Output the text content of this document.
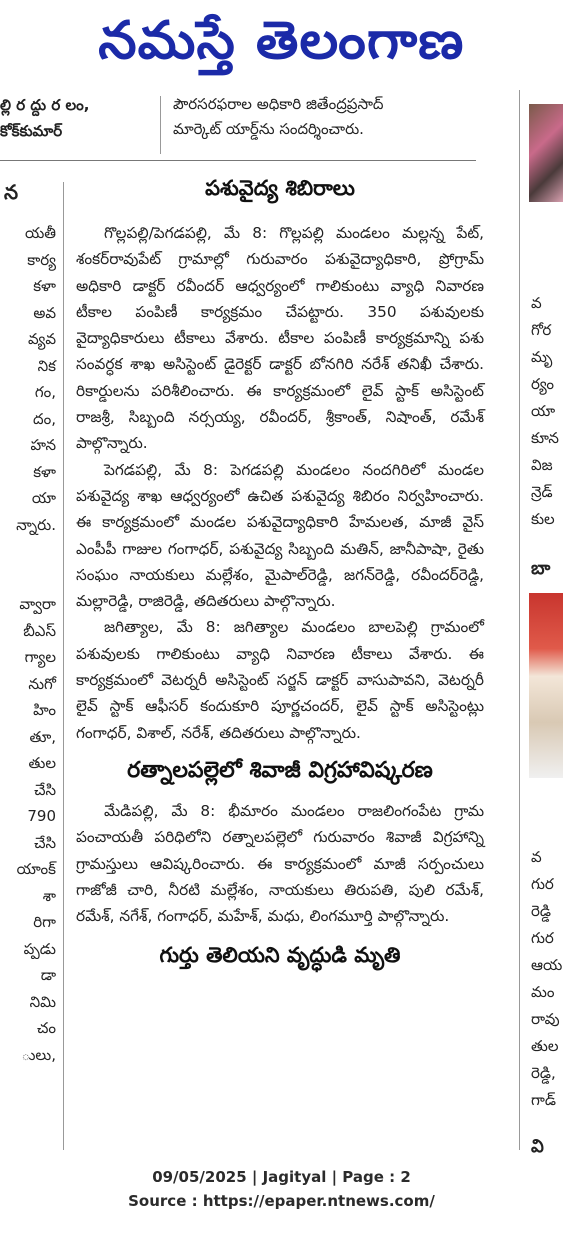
నమస్తే తెలంగాణ
ల్లి ర ద్దు ర లం,
కోక్‌కుమార్
పౌరసరఫరాల అధికారి జితేంద్రప్రసాద్
మార్కెట్ యార్డ్‌ను సందర్శించారు.
న
యతీ
కార్య
కళా
అవ
వ్యవ
నిక
గం,
దం,
హన
కళా
యా
న్నారు.

వ్వారా
బీఎస్
గ్యాల
నుగో
హిం
తూ,
తుల
చేసి
790
చేసి
యాంక్
శా
రిగా
ప్పడు
డా
నిమి
చం
ులు,
పశువైద్య శిబిరాలు

గొల్లపల్లి/పెగడపల్లి, మే 8: గొల్లపల్లి మండలం మల్లన్న పేట్, శంకర్‌రావుపేట్ గ్రామాల్లో గురువారం పశువైద్యాధికారి, ప్రోగ్రామ్ అధికారి డాక్టర్ రవీందర్ ఆధ్వర్యంలో గాలికుంటు వ్యాధి నివారణ టీకాల పంపిణీ కార్యక్రమం చేపట్టారు. 350 పశువులకు వైద్యాధికారులు టీకాలు వేశారు. టీకాల పంపిణీ కార్యక్రమాన్ని పశు సంవర్ధక శాఖ అసిస్టెంట్ డైరెక్టర్ డాక్టర్ బోనగిరి నరేశ్ తనిఖీ చేశారు. రికార్డులను పరిశీలించారు. ఈ కార్యక్రమంలో లైవ్ స్టాక్ అసిస్టెంట్ రాజశ్రీ, సిబ్బంది నర్సయ్య, రవీందర్, శ్రీకాంత్, నిషాంత్, రమేశ్ పాల్గొన్నారు.

పెగడపల్లి, మే 8: పెగడపల్లి మండలం నందగిరిలో మండల పశువైద్య శాఖ ఆధ్వర్యంలో ఉచిత పశువైద్య శిబిరం నిర్వహించారు. ఈ కార్యక్రమంలో మండల పశువైద్యాధికారి హేమలత, మాజీ వైస్ ఎంపీపీ గాజుల గంగాధర్, పశువైద్య సిబ్బంది మతిన్, జానీపాషా, రైతు సంఘం నాయకులు మల్లేశం, మైపాల్‌రెడ్డి, జగన్‌రెడ్డి, రవీందర్‌రెడ్డి, మల్లారెడ్డి, రాజిరెడ్డి, తదితరులు పాల్గొన్నారు.

జగిత్యాల, మే 8: జగిత్యాల మండలం బాలపెల్లి గ్రామంలో పశువులకు గాలికుంటు వ్యాధి నివారణ టీకాలు వేశారు. ఈ కార్యక్రమంలో వెటర్నరీ అసిస్టెంట్ సర్జన్ డాక్టర్ వాసుపావని, వెటర్నరీ లైవ్ స్టాక్ ఆఫీసర్ కందుకూరి పూర్ణచందర్, లైవ్ స్టాక్ అసిస్టెంట్లు గంగాధర్, విశాల్, నరేశ్, తదితరులు పాల్గొన్నారు.

రత్నాలపల్లెలో శివాజీ విగ్రహావిష్కరణ

మేడిపల్లి, మే 8: భీమారం మండలం రాజలింగంపేట గ్రామ పంచాయతీ పరిధిలోని రత్నాలపల్లెలో గురువారం శివాజీ విగ్రహాన్ని గ్రామస్తులు ఆవిష్కరించారు. ఈ కార్యక్రమంలో మాజీ సర్పంచులు గాజోజీ చారి, నీరటి మల్లేశం, నాయకులు తిరుపతి, పులి రమేశ్, రమేశ్, నగేశ్, గంగాధర్, మహేశ్, మధు, లింగమూర్తి పాల్గొన్నారు.

గుర్తు తెలియని వృద్ధుడి మృతి
వ
గోర
మృ
ర్యం
యా
కూన
విజ
న్రెడ్
కుల
బా
వ
గుర
రెడ్డి
గుర
ఆయ
మం
రావు
తుల
రెడ్డి,
గాడ్
వి
09/05/2025 | Jagityal | Page : 2
Source : https://epaper.ntnews.com/
